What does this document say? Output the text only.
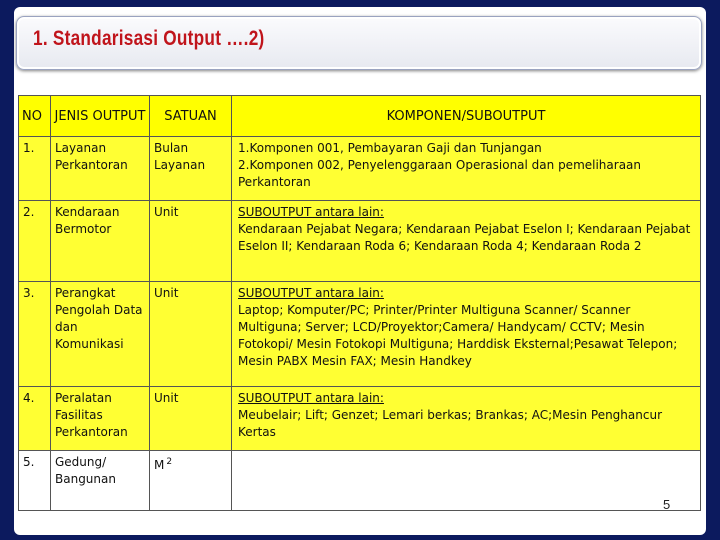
1. Standarisasi Output ….2)
NO	JENIS OUTPUT	SATUAN	KOMPONEN/SUBOUTPUT
1.	Layanan Perkantoran	Bulan Layanan	1.Komponen 001, Pembayaran Gaji dan Tunjangan
2.Komponen 002, Penyelenggaraan Operasional dan pemeliharaan Perkantoran

2.	Kendaraan Bermotor	Unit	SUBOUTPUT antara lain:
Kendaraan Pejabat Negara; Kendaraan Pejabat Eselon I; Kendaraan Pejabat Eselon II; Kendaraan Roda 6; Kendaraan Roda 4; Kendaraan Roda 2
3.	Perangkat Pengolah Data dan Komunikasi	Unit	SUBOUTPUT antara lain:
Laptop; Komputer/PC; Printer/Printer Multiguna Scanner/ Scanner Multiguna; Server; LCD/Proyektor;Camera/ Handycam/ CCTV; Mesin Fotokopi/ Mesin Fotokopi Multiguna; Harddisk Eksternal;Pesawat Telepon; Mesin PABX Mesin FAX; Mesin Handkey
4.	Peralatan Fasilitas Perkantoran	Unit	SUBOUTPUT antara lain:
Meubelair; Lift; Genzet; Lemari berkas; Brankas; AC;Mesin Penghancur Kertas
5.	Gedung/ Bangunan	M $^2$	
5
